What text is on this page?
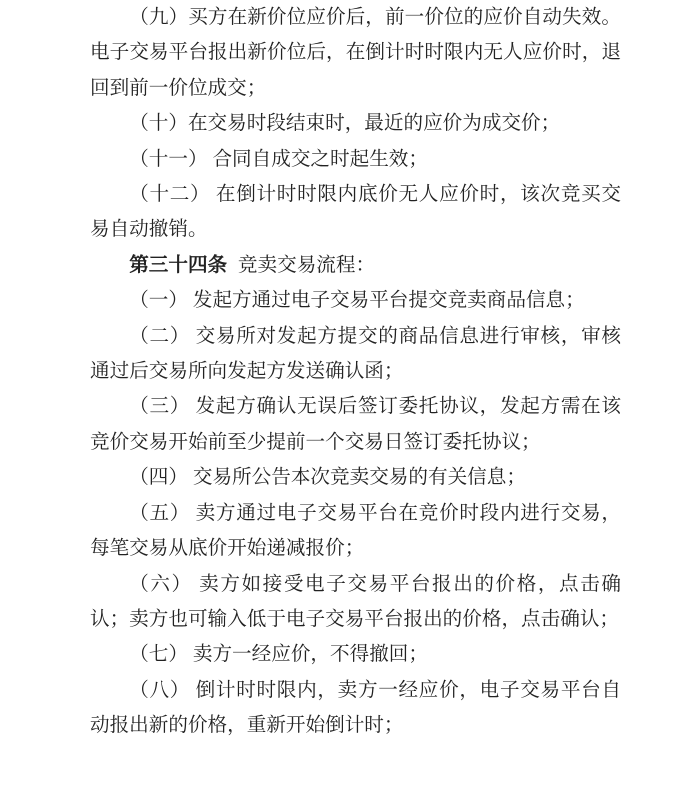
（九）买方在新价位应价后，前一价位的应价自动失效。电子交易平台报出新价位后，在倒计时时限内无人应价时，退回到前一价位成交；

（十）在交易时段结束时，最近的应价为成交价；

（十一） 合同自成交之时起生效；

（十二） 在倒计时时限内底价无人应价时，该次竞买交易自动撤销。

第三十四条 竞卖交易流程：

（一） 发起方通过电子交易平台提交竞卖商品信息；

（二） 交易所对发起方提交的商品信息进行审核，审核通过后交易所向发起方发送确认函；

（三） 发起方确认无误后签订委托协议，发起方需在该竞价交易开始前至少提前一个交易日签订委托协议；

（四） 交易所公告本次竞卖交易的有关信息；

（五） 卖方通过电子交易平台在竞价时段内进行交易，每笔交易从底价开始递减报价；

（六） 卖方如接受电子交易平台报出的价格，点击确认；卖方也可输入低于电子交易平台报出的价格，点击确认；

（七） 卖方一经应价，不得撤回；

（八） 倒计时时限内，卖方一经应价，电子交易平台自动报出新的价格，重新开始倒计时；
